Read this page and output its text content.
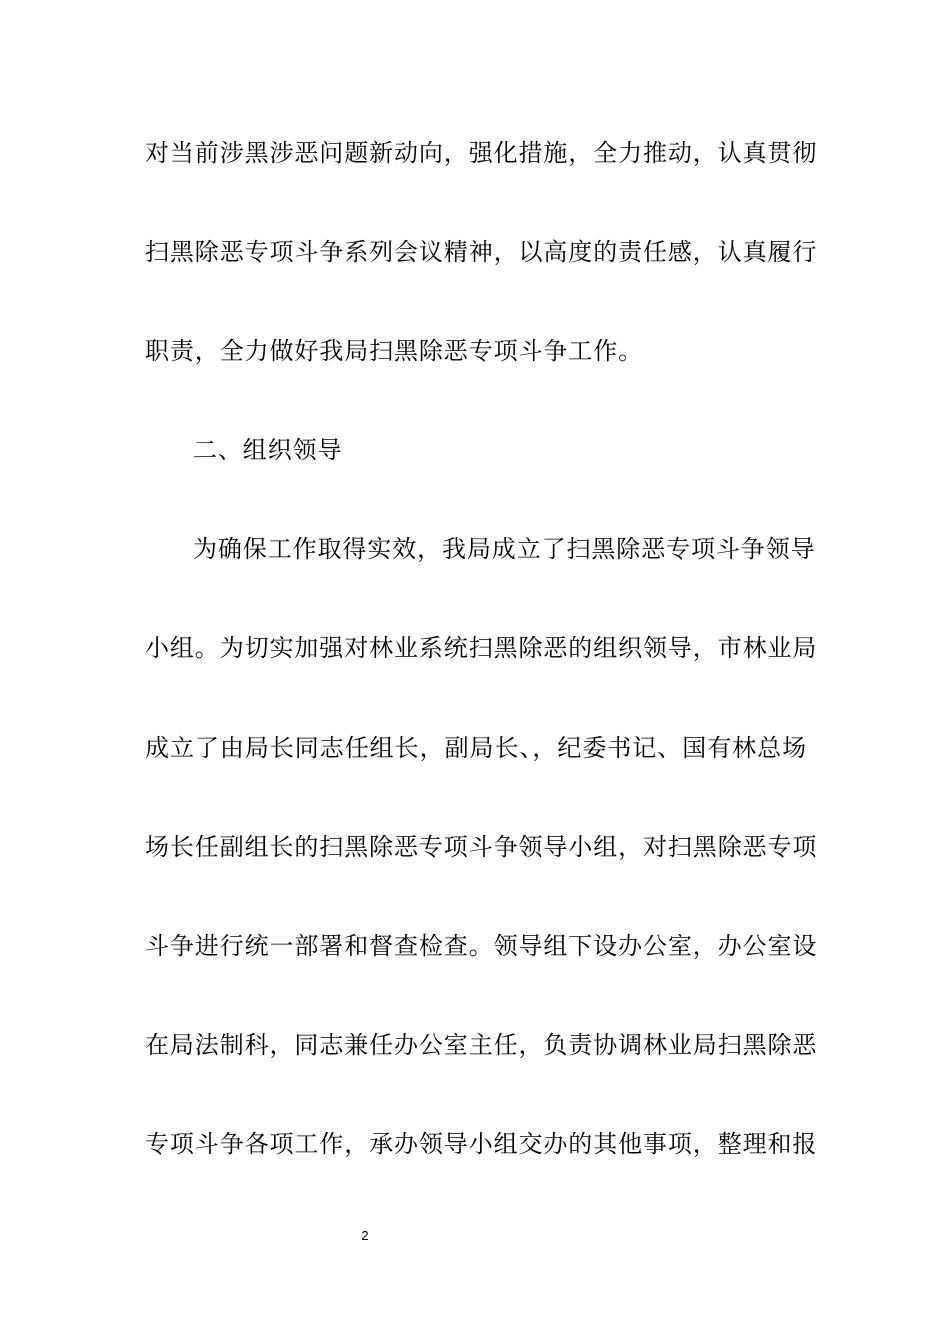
对当前涉黑涉恶问题新动向，强化措施，全力推动，认真贯彻
扫黑除恶专项斗争系列会议精神，以高度的责任感，认真履行
职责，全力做好我局扫黑除恶专项斗争工作。
二、组织领导
为确保工作取得实效，我局成立了扫黑除恶专项斗争领导
小组。为切实加强对林业系统扫黑除恶的组织领导，市林业局
成立了由局长同志任组长，副局长、，纪委书记、国有林总场
场长任副组长的扫黑除恶专项斗争领导小组，对扫黑除恶专项
斗争进行统一部署和督查检查。领导组下设办公室，办公室设
在局法制科，同志兼任办公室主任，负责协调林业局扫黑除恶
专项斗争各项工作，承办领导小组交办的其他事项，整理和报
2
